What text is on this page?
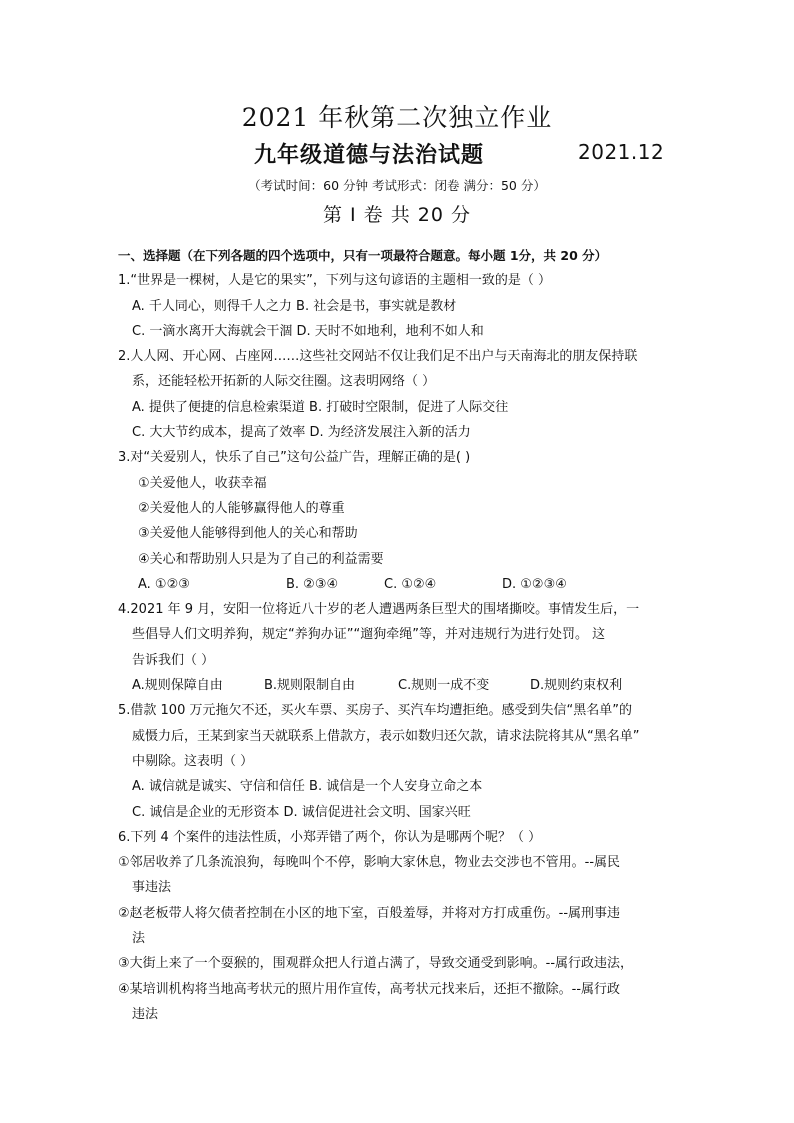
2021 年秋第二次独立作业
九年级道德与法治试题	2021.12
（考试时间：60 分钟 考试形式：闭卷 满分：50 分）
第 I 卷 共 20 分
一、选择题（在下列各题的四个选项中，只有一项最符合题意。每小题 1分，共 20 分）
1.“世界是一棵树，人是它的果实”，下列与这句谚语的主题相一致的是（ ）
A. 千人同心，则得千人之力 B. 社会是书，事实就是教材
C. 一滴水离开大海就会干涸 D. 天时不如地利，地利不如人和
2.人人网、开心网、占座网……这些社交网站不仅让我们足不出户与天南海北的朋友保持联
系，还能轻松开拓新的人际交往圈。这表明网络（ ）
A. 提供了便捷的信息检索渠道 B. 打破时空限制，促进了人际交往
C. 大大节约成本，提高了效率 D. 为经济发展注入新的活力
3.对“关爱别人，快乐了自己”这句公益广告，理解正确的是( )
①关爱他人，收获幸福
②关爱他人的人能够赢得他人的尊重
③关爱他人能够得到他人的关心和帮助
④关心和帮助别人只是为了自己的利益需要
A. ①②③	B. ②③④	C. ①②④	D. ①②③④
4.2021 年 9 月，安阳一位将近八十岁的老人遭遇两条巨型犬的围堵撕咬。事情发生后，一
些倡导人们文明养狗，规定“养狗办证”“遛狗牵绳”等，并对违规行为进行处罚。 这
告诉我们（ ）
A.规则保障自由	B.规则限制自由	C.规则一成不变	D.规则约束权利
5.借款 100 万元拖欠不还，买火车票、买房子、买汽车均遭拒绝。感受到失信“黑名单”的
威慑力后，王某到家当天就联系上借款方，表示如数归还欠款，请求法院将其从“黑名单”
中剔除。这表明（ ）
A. 诚信就是诚实、守信和信任 B. 诚信是一个人安身立命之本
C. 诚信是企业的无形资本 D. 诚信促进社会文明、国家兴旺
6.下列 4 个案件的违法性质，小郑弄错了两个，你认为是哪两个呢？（ ）
①邻居收养了几条流浪狗，每晚叫个不停，影响大家休息，物业去交涉也不管用。--属民
事违法
②赵老板带人将欠债者控制在小区的地下室，百般羞辱，并将对方打成重伤。--属刑事违
法
③大街上来了一个耍猴的，围观群众把人行道占满了，导致交通受到影响。--属行政违法，
④某培训机构将当地高考状元的照片用作宣传，高考状元找来后，还拒不撤除。--属行政
违法
